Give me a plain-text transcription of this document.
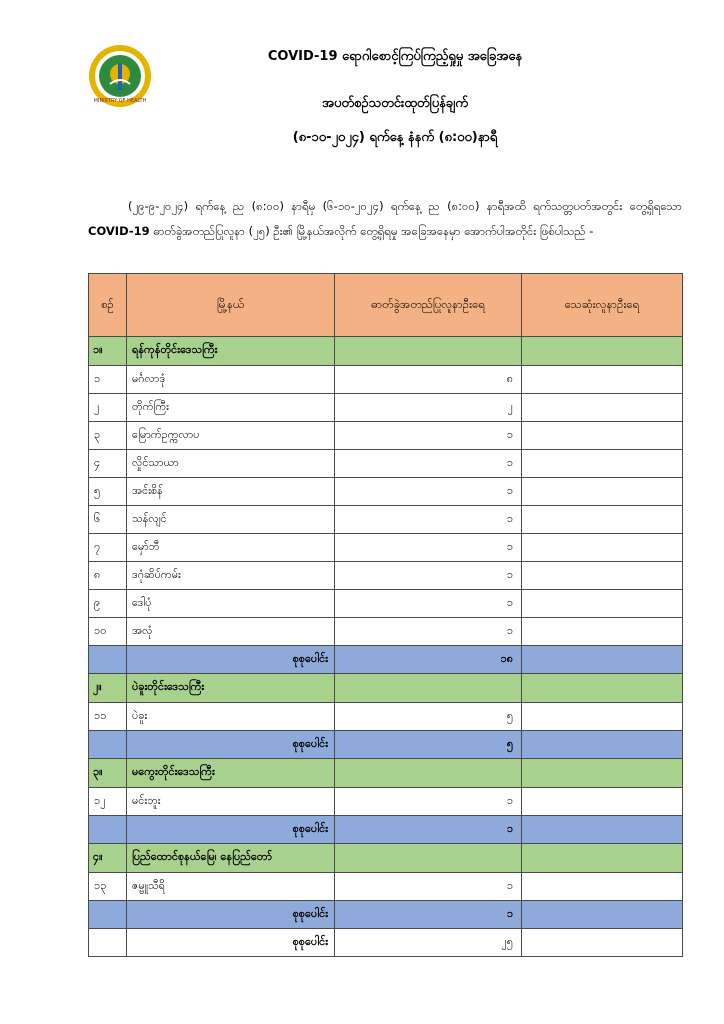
MINISTRY OF HEALTH
COVID-19 ရောဂါစောင့်ကြပ်ကြည့်ရှုမှု အခြေအနေ
အပတ်စဉ်သတင်းထုတ်ပြန်ချက်
(၈-၁၀-၂၀၂၄) ရက်နေ့ နံနက် (၈:၀၀)နာရီ
(၂၉-၉-၂၀၂၄) ရက်နေ့ ည (၈:၀၀) နာရီမှ (၆-၁၀-၂၀၂၄) ရက်နေ့ ည (၈:၀၀) နာရီအထိ ရက်သတ္တပတ်အတွင်း တွေ့ရှိရသော COVID-19 ဓာတ်ခွဲအတည်ပြုလူနာ (၂၅) ဦး၏ မြို့နယ်အလိုက် တွေ့ရှိရမှု အခြေအနေမှာ အောက်ပါအတိုင်း ဖြစ်ပါသည် -
စဉ်	မြို့နယ်	ဓာတ်ခွဲအတည်ပြုလူနာဦးရေ	သေဆုံးလူနာဦးရေ
၁။	ရန်ကုန်တိုင်းဒေသကြီး		
၁	မင်္ဂလာဒုံ	၈	
၂	တိုက်ကြီး	၂	
၃	မြောက်ဥက္ကလာပ	၁	
၄	လှိုင်သာယာ	၁	
၅	အင်းစိန်	၁	
၆	သန်လျင်	၁	
၇	မှော်ဘီ	၁	
၈	ဒဂုံဆိပ်ကမ်း	၁	
၉	ဒေါပုံ	၁	
၁၀	အလုံ	၁	
	စုစုပေါင်း	၁၈	
၂။	ပဲခူးတိုင်းဒေသကြီး		
၁၁	ပဲခူး	၅	
	စုစုပေါင်း	၅	
၃။	မကွေးတိုင်းဒေသကြီး		
၁၂	မင်းဘူး	၁	
	စုစုပေါင်း	၁	
၄။	ပြည်ထောင်စုနယ်မြေ၊ နေပြည်တော်		
၁၃	ဇမ္ဗူသီရိ	၁	
	စုစုပေါင်း	၁	
	စုစုပေါင်း	၂၅	
